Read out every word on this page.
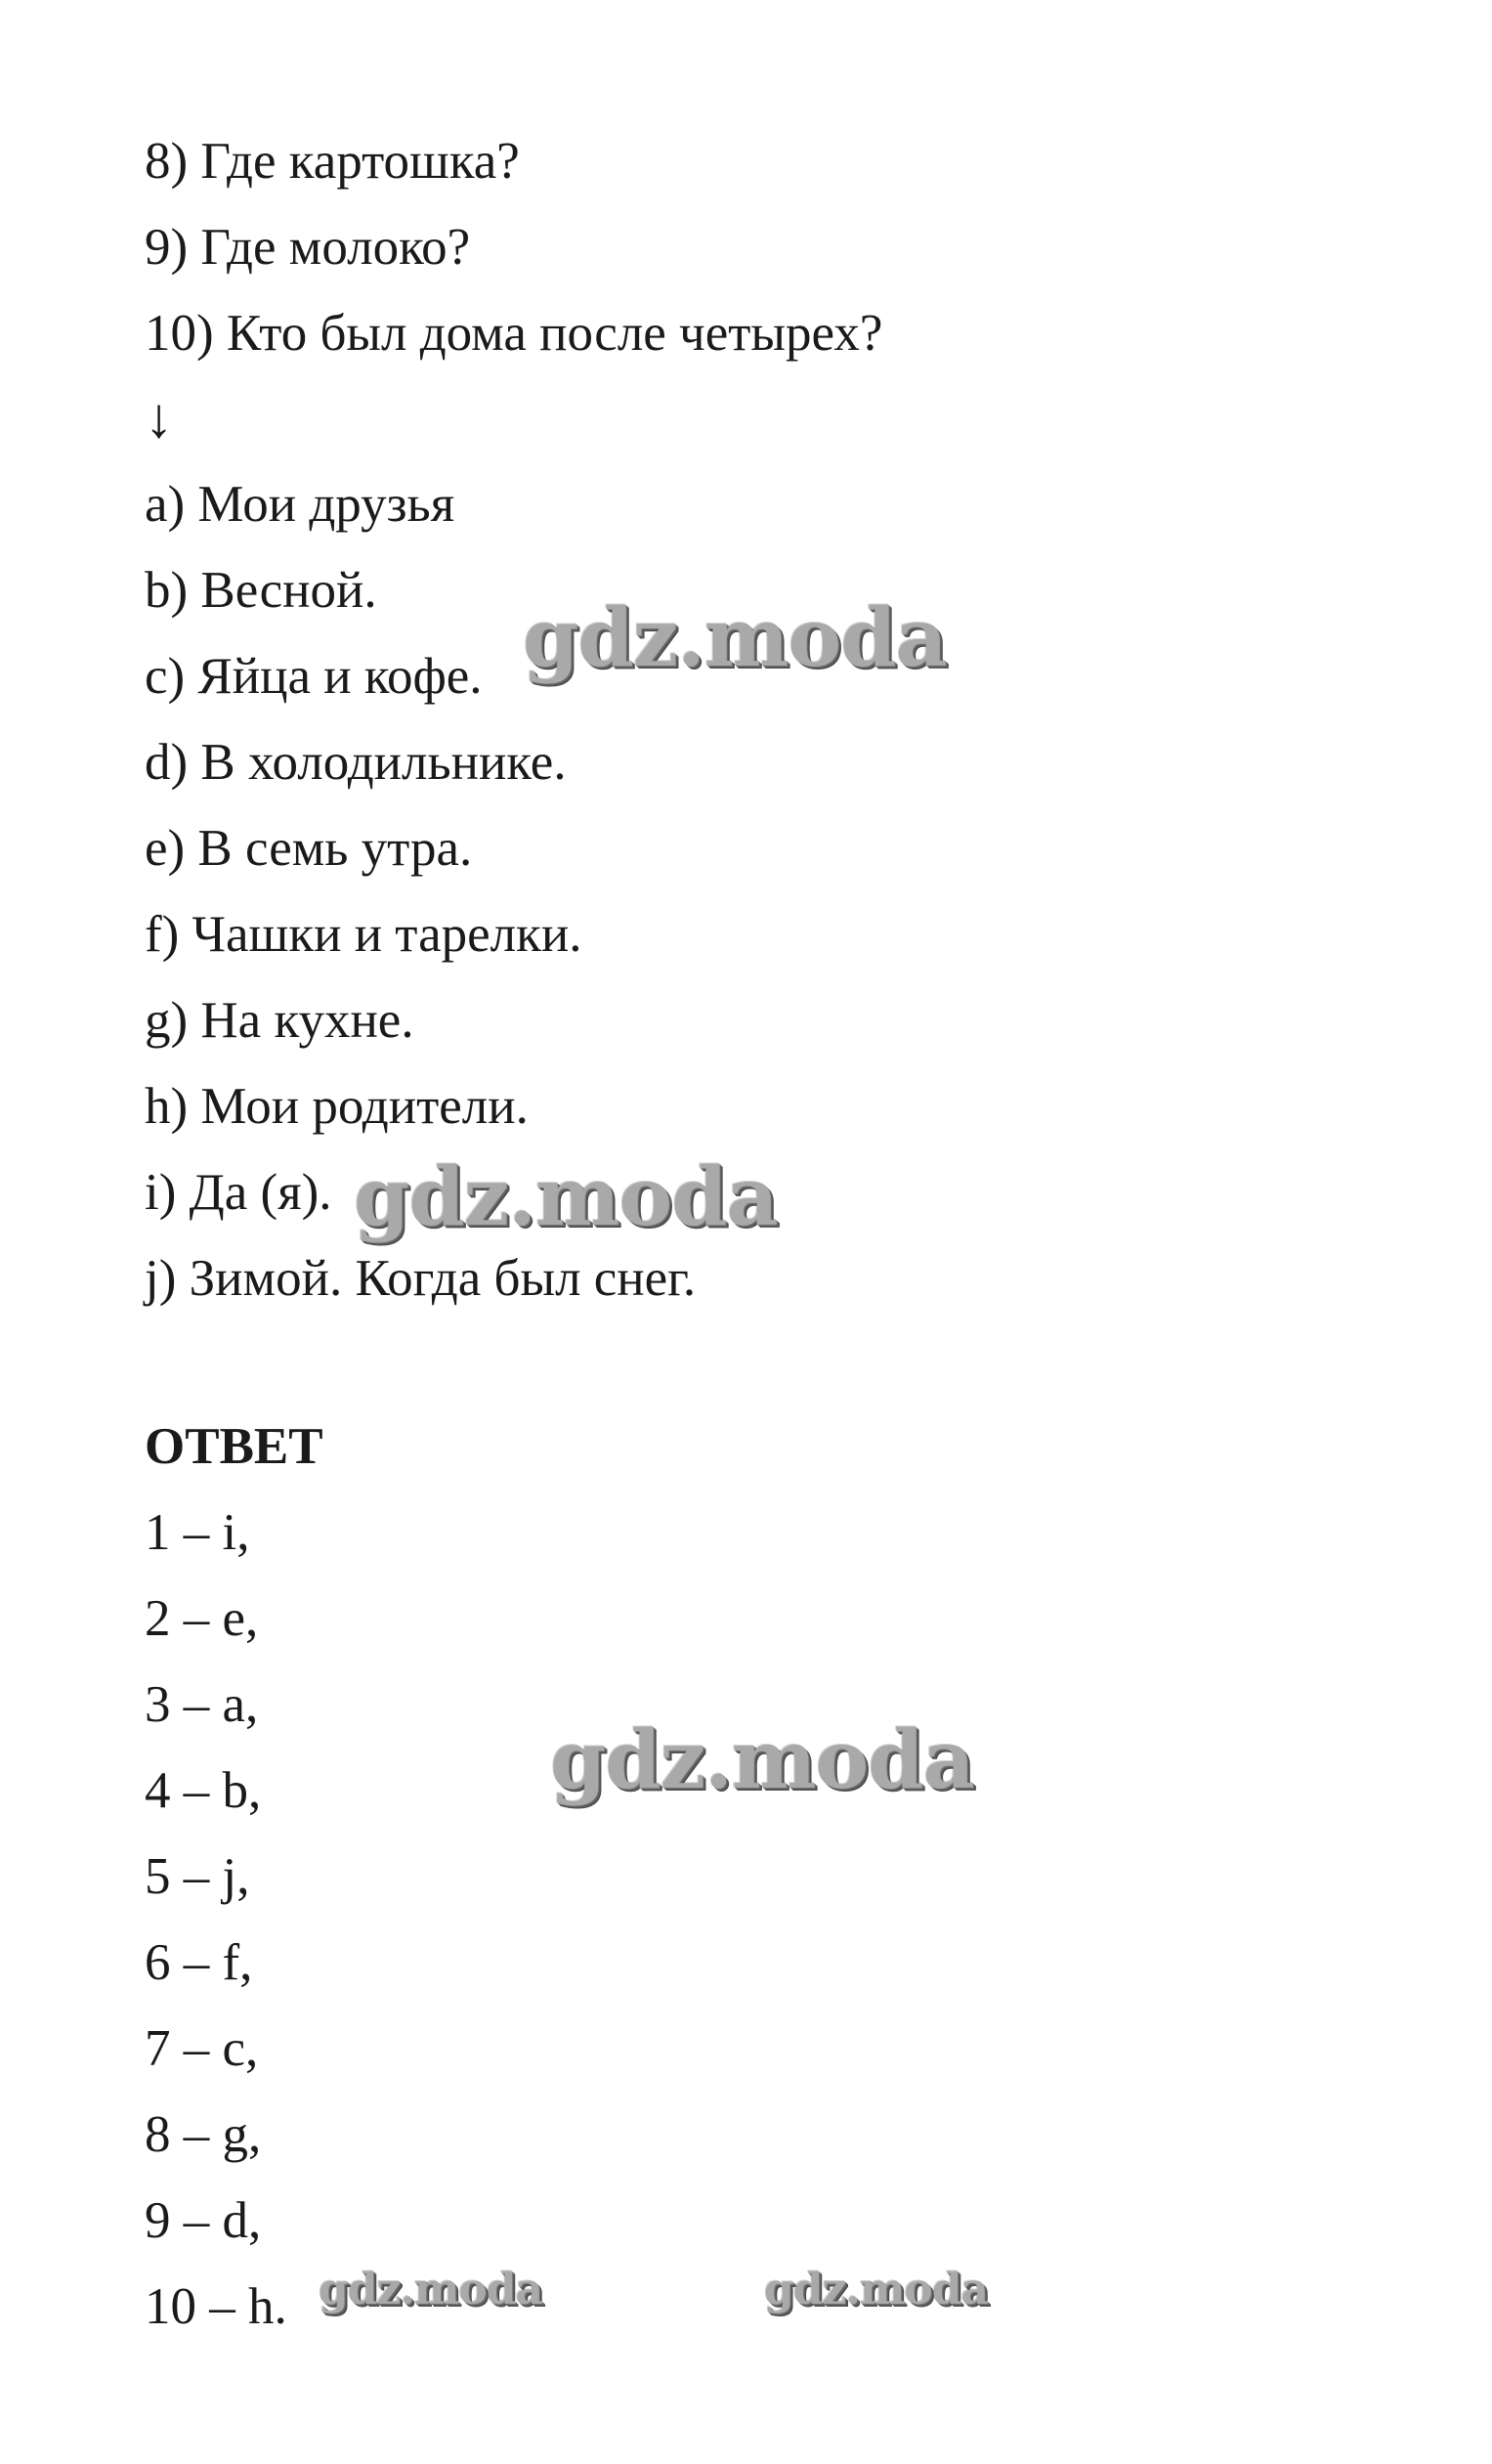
8) Где картошка?
9) Где молоко?
10) Кто был дома после четырех?
↓
a) Мои друзья
b) Весной.
c) Яйца и кофе.
d) В холодильнике.
e) В семь утра.
f) Чашки и тарелки.
g) На кухне.
h) Мои родители.
i) Да (я).
j) Зимой. Когда был снег.
ОТВЕТ
1 – i,
2 – e,
3 – a,
4 – b,
5 – j,
6 – f,
7 – c,
8 – g,
9 – d,
10 – h.
gdz.moda
gdz.moda
gdz.moda
gdz.moda	gdz.moda
